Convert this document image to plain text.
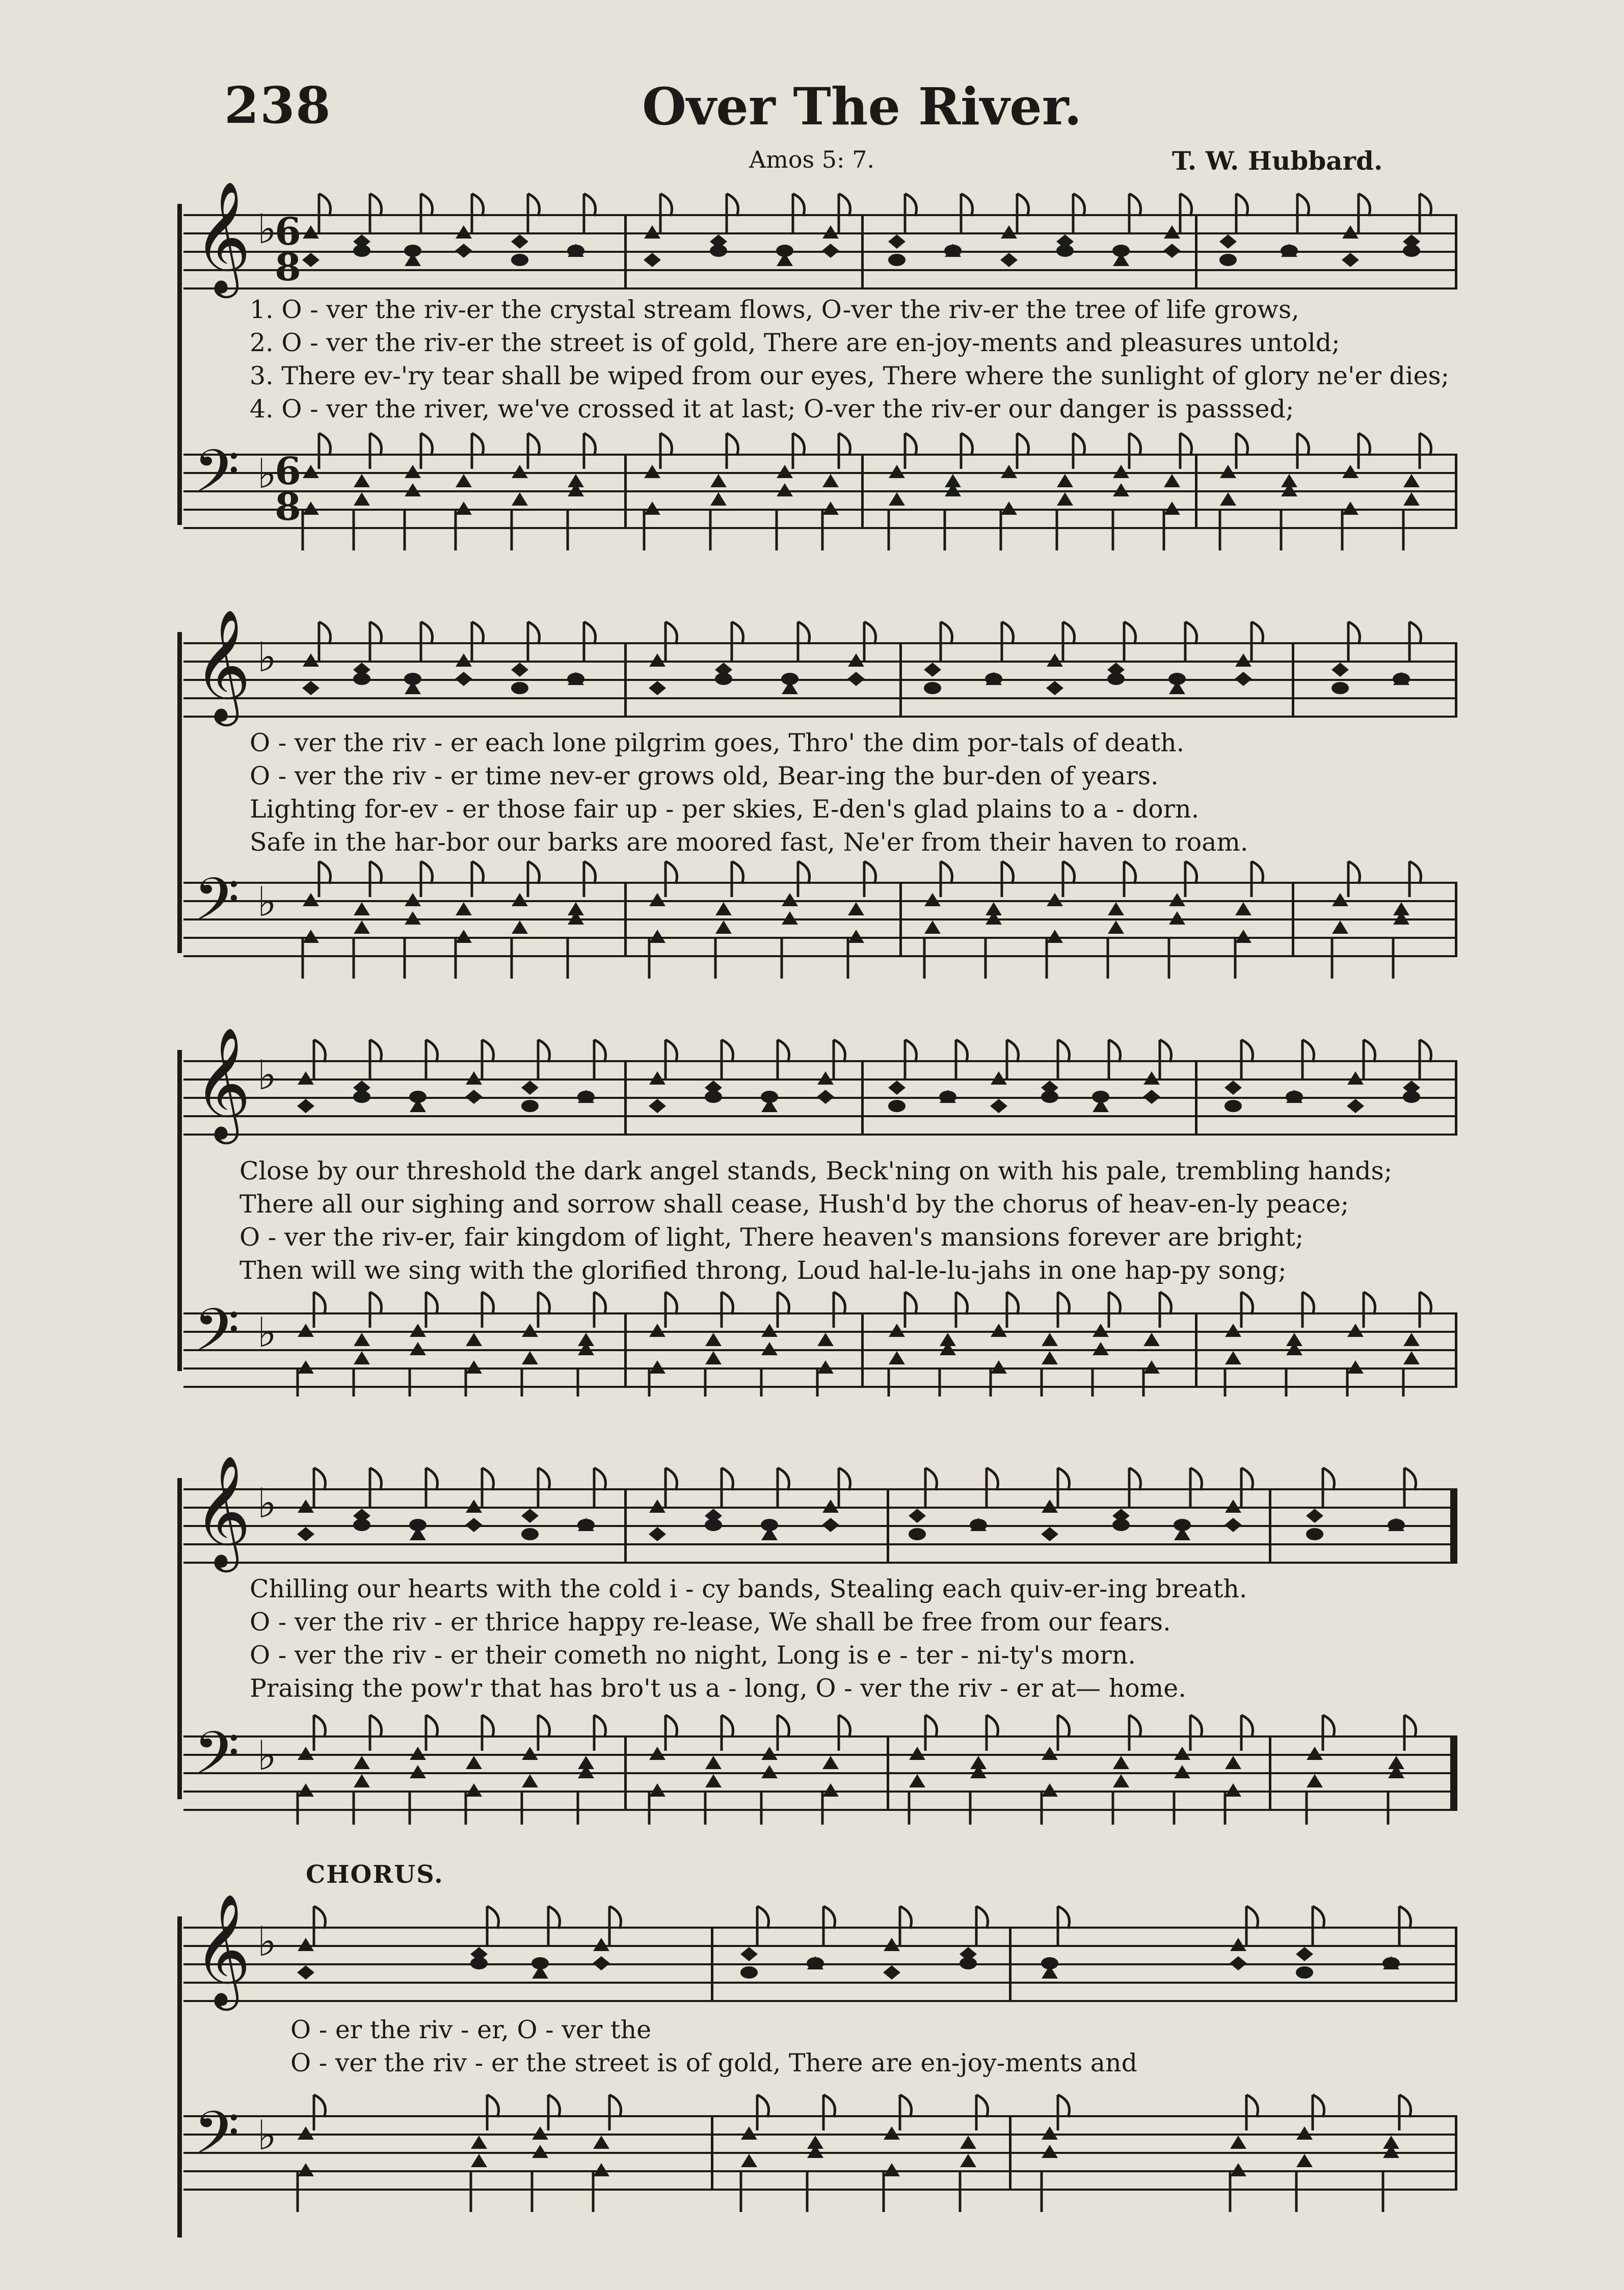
238	Over The River.
Amos 5: 7.	T. W. Hubbard.
𝄞 ♭
6
8
1. O - ver the riv-er the crystal stream flows, O-ver the riv-er the tree of life grows,
2. O - ver the riv-er the street is of gold, There are en-joy-ments and pleasures untold;
3. There ev-'ry tear shall be wiped from our eyes, There where the sunlight of glory ne'er dies;
4. O - ver the river, we've crossed it at last; O-ver the riv-er our danger is passsed;
𝄢 ♭
6
8
𝄞 ♭
O - ver the riv - er each lone pilgrim goes, Thro' the dim por-tals of death.
O - ver the riv - er time nev-er grows old, Bear-ing the bur-den of years.
Lighting for-ev - er those fair up - per skies, E-den's glad plains to a - dorn.
Safe in the har-bor our barks are moored fast, Ne'er from their haven to roam.
𝄢 ♭
𝄞 ♭
Close by our threshold the dark angel stands, Beck'ning on with his pale, trembling hands;
There all our sighing and sorrow shall cease, Hush'd by the chorus of heav-en-ly peace;
O - ver the riv-er, fair kingdom of light, There heaven's mansions forever are bright;
Then will we sing with the glorified throng, Loud hal-le-lu-jahs in one hap-py song;
𝄢 ♭
𝄞 ♭
Chilling our hearts with the cold i - cy bands, Stealing each quiv-er-ing breath.
O - ver the riv - er thrice happy re-lease, We shall be free from our fears.
O - ver the riv - er their cometh no night, Long is e - ter - ni-ty's morn.
Praising the pow'r that has bro't us a - long, O - ver the riv - er at— home.
𝄢 ♭
CHORUS.
𝄞 ♭
O - er the riv - er, O - ver the
O - ver the riv - er the street is of gold, There are en-joy-ments and
𝄢 ♭
